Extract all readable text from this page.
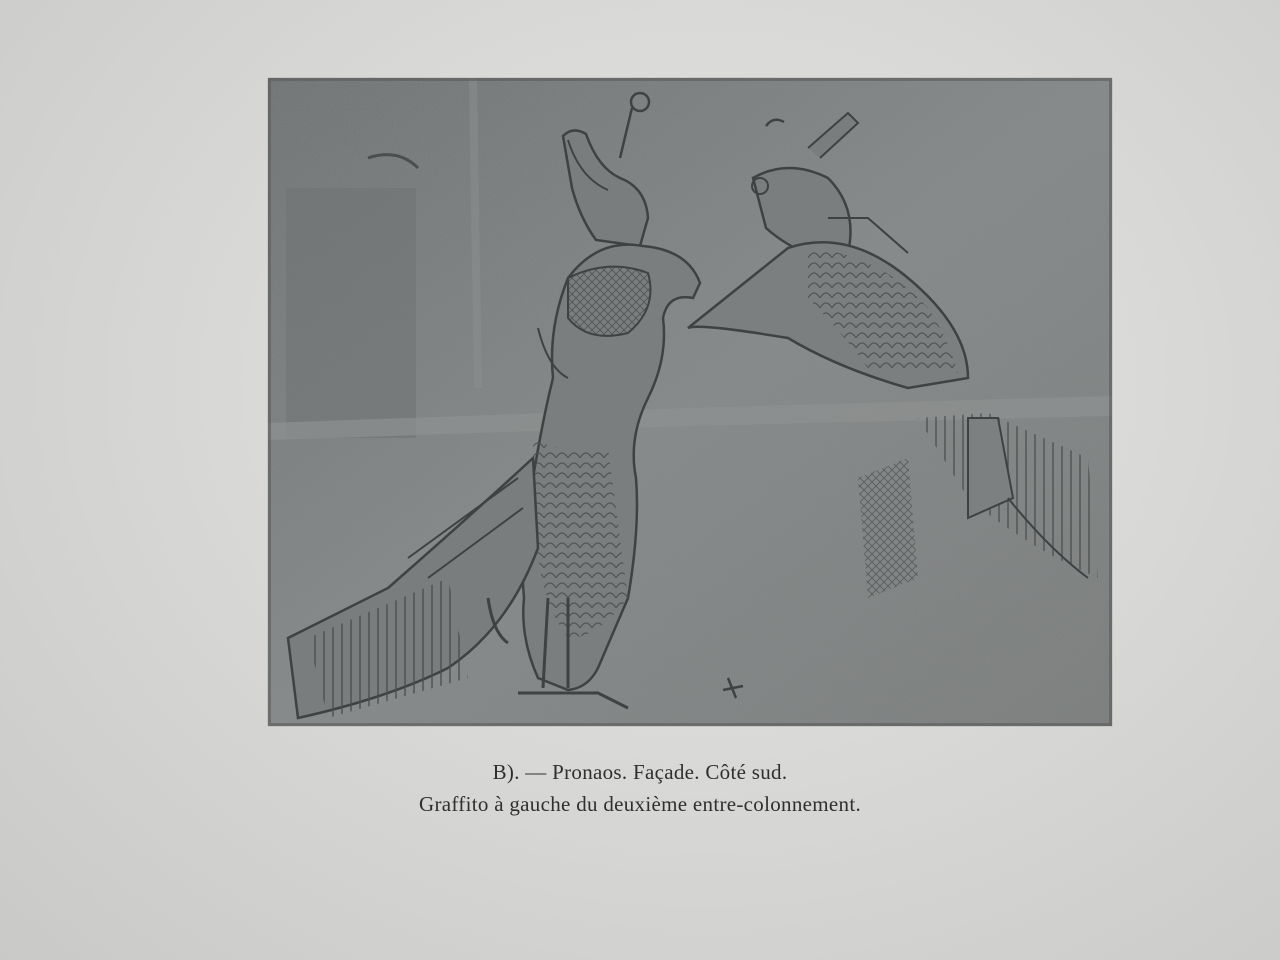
B). — Pronaos. Façade. Côté sud.
Graffito à gauche du deuxième entre-colonnement.
